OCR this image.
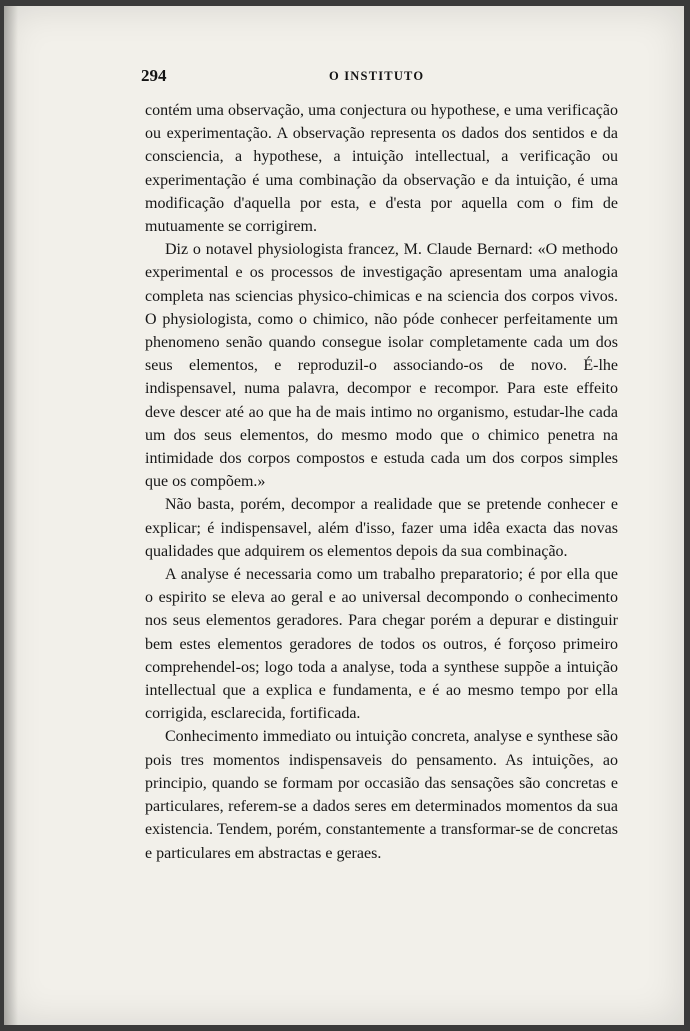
294	O INSTITUTO

contém uma observação, uma conjectura ou hypothese, e uma verificação ou experimentação. A observação representa os dados dos sentidos e da consciencia, a hypothese, a intuição intellectual, a verificação ou experimentação é uma combinação da observação e da intuição, é uma modificação d'aquella por esta, e d'esta por aquella com o fim de mutuamente se corrigirem.

Diz o notavel physiologista francez, M. Claude Bernard: «O methodo experimental e os processos de investigação apresentam uma analogia completa nas sciencias physico-chimicas e na sciencia dos corpos vivos. O physiologista, como o chimico, não póde conhecer perfeitamente um phenomeno senão quando consegue isolar completamente cada um dos seus elementos, e reproduzil-o associando-os de novo. É-lhe indispensavel, numa palavra, decompor e recompor. Para este effeito deve descer até ao que ha de mais intimo no organismo, estudar-lhe cada um dos seus elementos, do mesmo modo que o chimico penetra na intimidade dos corpos compostos e estuda cada um dos corpos simples que os compõem.»

Não basta, porém, decompor a realidade que se pretende conhecer e explicar; é indispensavel, além d'isso, fazer uma idêa exacta das novas qualidades que adquirem os elementos depois da sua combinação.

A analyse é necessaria como um trabalho preparatorio; é por ella que o espirito se eleva ao geral e ao universal decompondo o conhecimento nos seus elementos geradores. Para chegar porém a depurar e distinguir bem estes elementos geradores de todos os outros, é forçoso primeiro comprehendel-os; logo toda a analyse, toda a synthese suppõe a intuição intellectual que a explica e fundamenta, e é ao mesmo tempo por ella corrigida, esclarecida, fortificada.

Conhecimento immediato ou intuição concreta, analyse e synthese são pois tres momentos indispensaveis do pensamento. As intuições, ao principio, quando se formam por occasião das sensações são concretas e particulares, referem-se a dados seres em determinados momentos da sua existencia. Tendem, porém, constantemente a transformar-se de concretas e particulares em abstractas e geraes.
